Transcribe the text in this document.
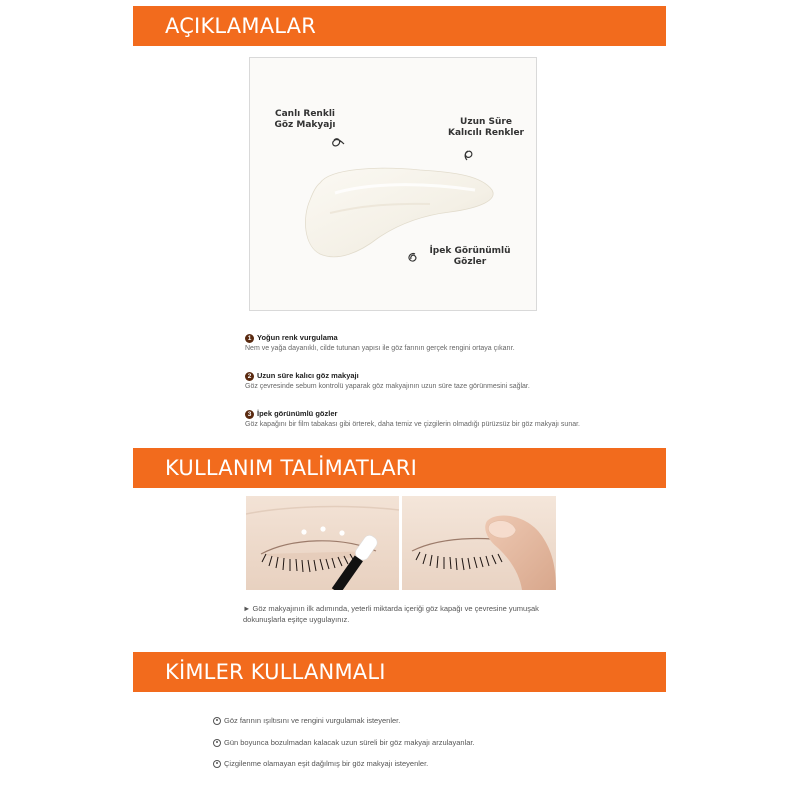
AÇIKLAMALAR
Canlı Renkli
Göz Makyajı	Uzun Süre
Kalıcılı Renkler
İpek Görünümlü
Gözler
1 Yoğun renk vurgulama
Nem ve yağa dayanıklı, cilde tutunan yapısı ile göz farının gerçek rengini ortaya çıkarır.
2 Uzun süre kalıcı göz makyajı
Göz çevresinde sebum kontrolü yaparak göz makyajının uzun süre taze görünmesini sağlar.
3 İpek görünümlü gözler
Göz kapağını bir film tabakası gibi örterek, daha temiz ve çizgilerin olmadığı pürüzsüz bir göz makyajı sunar.
KULLANIM TALİMATLARI
► Göz makyajının ilk adımında, yeterli miktarda içeriği göz kapağı ve çevresine yumuşak dokunuşlarla eşitçe uygulayınız.
KİMLER KULLANMALI
Göz farının ışıltısını ve rengini vurgulamak isteyenler.
Gün boyunca bozulmadan kalacak uzun süreli bir göz makyajı arzulayanlar.
Çizgilenme olamayan eşit dağılmış bir göz makyajı isteyenler.
